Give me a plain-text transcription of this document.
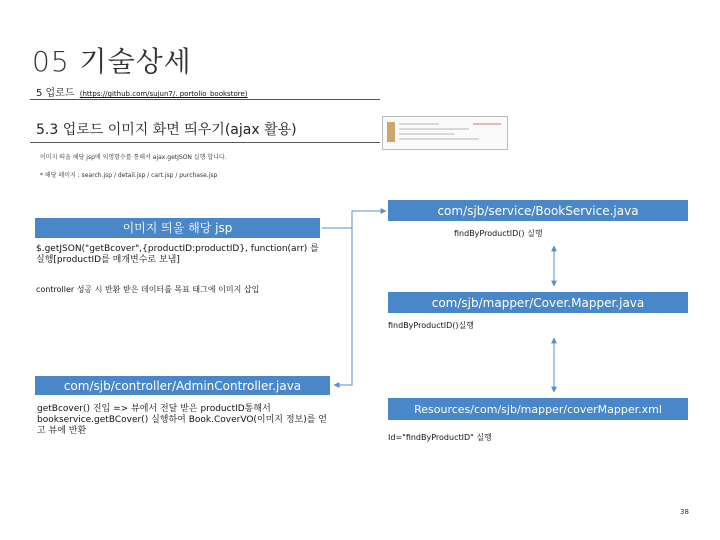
05 기술상세
5 업로드 (https://github.com/sujun7/. portolio_bookstore)
5.3 업로드 이미지 화면 띄우기(ajax 활용)
이미지 띄울 해당 jsp에 익명함수를 통해서 ajax.getJSON 실행 합니다.
* 해당 페이지 : search.jsp / detail.jsp / cart.jsp / purchase.jsp
이미지 띄울 해당 jsp
$.getJSON("getBcover",{productID:productID}, function(arr) 를 실행[productID를 매개변수로 보냄]
controller 성공 시 반환 받은 데이터를 목표 태그에 이미지 삽입
com/sjb/service/BookService.java
findByProductID() 실행
com/sjb/mapper/Cover.Mapper.java
findByProductID()실행
com/sjb/controller/AdminController.java
getBcover() 진입 => 뷰에서 전달 받은 productID통해서 bookservice.getBCover() 실행하여 Book.CoverVO(이미지 정보)를 얻고 뷰에 반환
Resources/com/sjb/mapper/coverMapper.xml
Id="findByProductID" 실행
38
